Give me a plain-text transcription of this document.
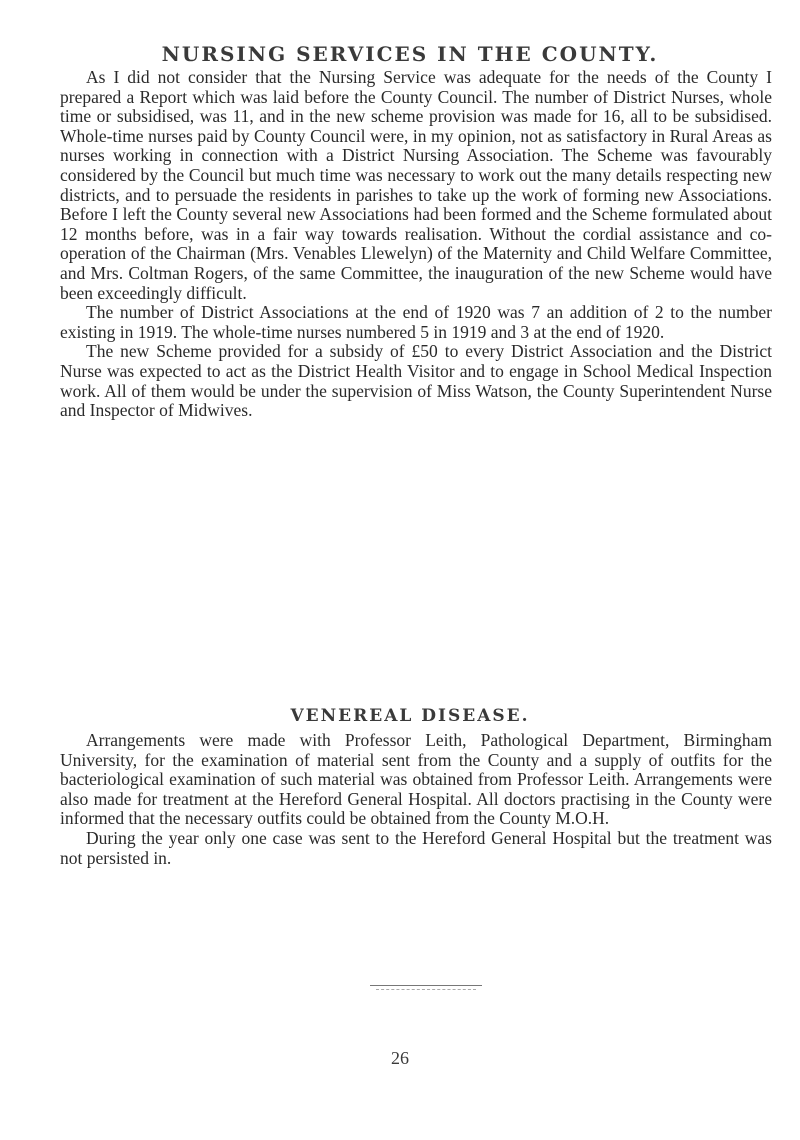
NURSING SERVICES IN THE COUNTY.

As I did not consider that the Nursing Service was adequate for the needs of the County I prepared a Report which was laid before the County Council. The number of District Nurses, whole time or subsidised, was 11, and in the new scheme provision was made for 16, all to be subsidised. Whole-time nurses paid by County Council were, in my opinion, not as satisfactory in Rural Areas as nurses working in connection with a District Nursing Association. The Scheme was favourably considered by the Council but much time was necessary to work out the many details respecting new districts, and to persuade the residents in parishes to take up the work of forming new Associations. Before I left the County several new Associations had been formed and the Scheme formulated about 12 months before, was in a fair way towards realisation. Without the cordial assistance and co-operation of the Chairman (Mrs. Venables Llewelyn) of the Maternity and Child Welfare Committee, and Mrs. Coltman Rogers, of the same Committee, the inauguration of the new Scheme would have been exceedingly difficult.

The number of District Associations at the end of 1920 was 7 an addition of 2 to the number existing in 1919. The whole-time nurses numbered 5 in 1919 and 3 at the end of 1920.

The new Scheme provided for a subsidy of £50 to every District Association and the District Nurse was expected to act as the District Health Visitor and to engage in School Medical Inspection work. All of them would be under the supervision of Miss Watson, the County Superintendent Nurse and Inspector of Midwives.

VENEREAL DISEASE.

Arrangements were made with Professor Leith, Pathological Department, Birmingham University, for the examination of material sent from the County and a supply of outfits for the bacteriological examination of such material was obtained from Professor Leith. Arrangements were also made for treatment at the Hereford General Hospital. All doctors practising in the County were informed that the necessary outfits could be obtained from the County M.O.H.

During the year only one case was sent to the Hereford General Hospital but the treatment was not persisted in.

26
